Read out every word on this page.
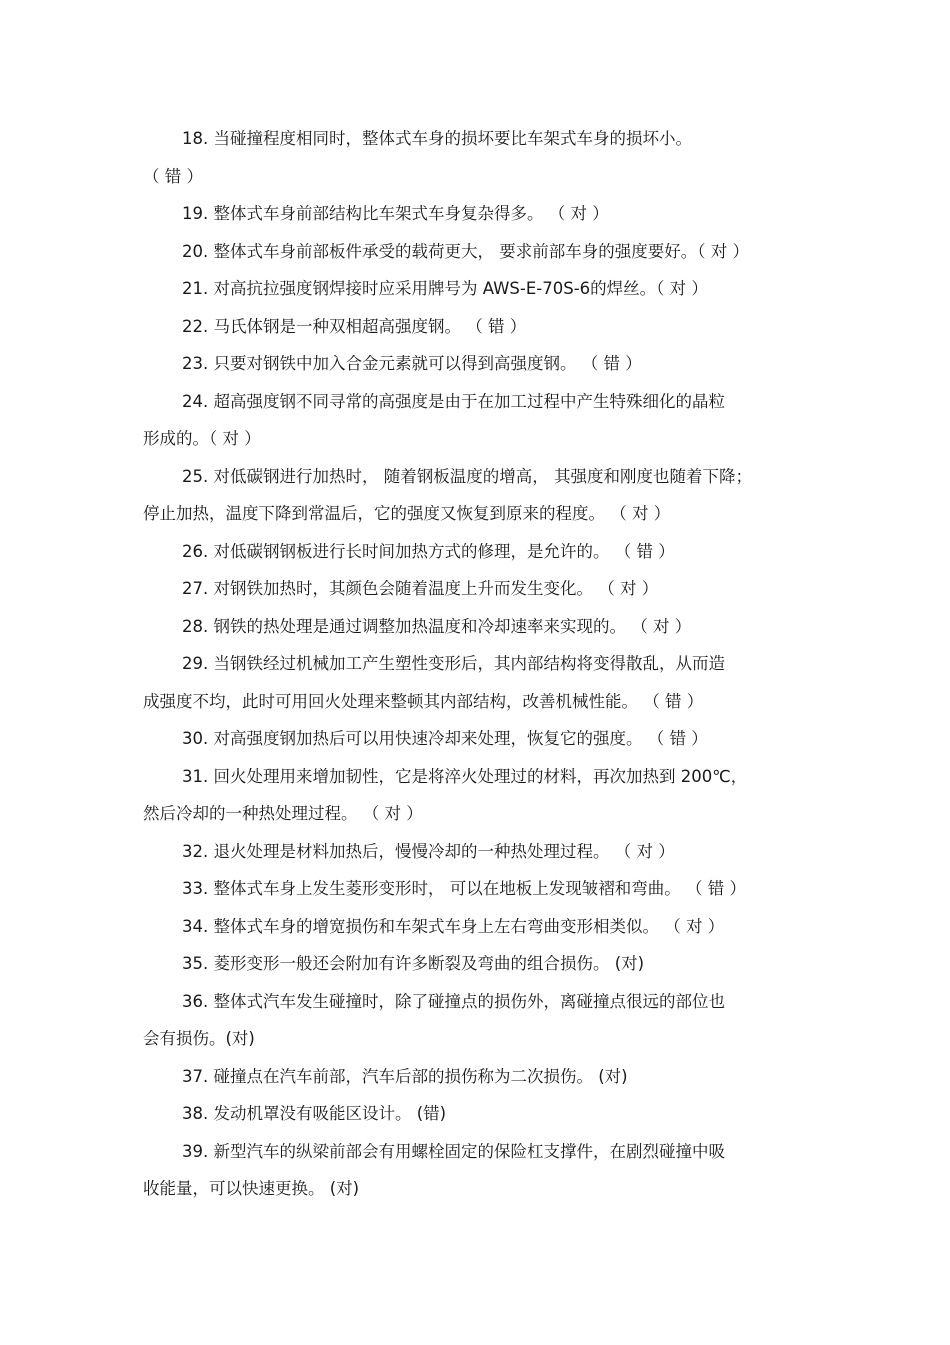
18. 当碰撞程度相同时，整体式车身的损坏要比车架式车身的损坏小。
（ 错 ）
19. 整体式车身前部结构比车架式车身复杂得多。 （ 对 ）
20. 整体式车身前部板件承受的载荷更大， 要求前部车身的强度要好。（ 对 ）
21. 对高抗拉强度钢焊接时应采用牌号为 AWS-E-70S-6的焊丝。（ 对 ）
22. 马氏体钢是一种双相超高强度钢。 （ 错 ）
23. 只要对钢铁中加入合金元素就可以得到高强度钢。 （ 错 ）
24. 超高强度钢不同寻常的高强度是由于在加工过程中产生特殊细化的晶粒
形成的。（ 对 ）
25. 对低碳钢进行加热时， 随着钢板温度的增高， 其强度和刚度也随着下降；
停止加热，温度下降到常温后，它的强度又恢复到原来的程度。 （ 对 ）
26. 对低碳钢钢板进行长时间加热方式的修理，是允许的。 （ 错 ）
27. 对钢铁加热时，其颜色会随着温度上升而发生变化。 （ 对 ）
28. 钢铁的热处理是通过调整加热温度和冷却速率来实现的。 （ 对 ）
29. 当钢铁经过机械加工产生塑性变形后，其内部结构将变得散乱，从而造
成强度不均，此时可用回火处理来整顿其内部结构，改善机械性能。 （ 错 ）
30. 对高强度钢加热后可以用快速冷却来处理，恢复它的强度。 （ 错 ）
31. 回火处理用来增加韧性，它是将淬火处理过的材料，再次加热到 200℃，
然后冷却的一种热处理过程。 （ 对 ）
32. 退火处理是材料加热后，慢慢冷却的一种热处理过程。 （ 对 ）
33. 整体式车身上发生菱形变形时， 可以在地板上发现皱褶和弯曲。 （ 错 ）
34. 整体式车身的增宽损伤和车架式车身上左右弯曲变形相类似。 （ 对 ）
35. 菱形变形一般还会附加有许多断裂及弯曲的组合损伤。 (对)
36. 整体式汽车发生碰撞时，除了碰撞点的损伤外，离碰撞点很远的部位也
会有损伤。(对)
37. 碰撞点在汽车前部，汽车后部的损伤称为二次损伤。 (对)
38. 发动机罩没有吸能区设计。 (错)
39. 新型汽车的纵梁前部会有用螺栓固定的保险杠支撑件，在剧烈碰撞中吸
收能量，可以快速更换。 (对)
